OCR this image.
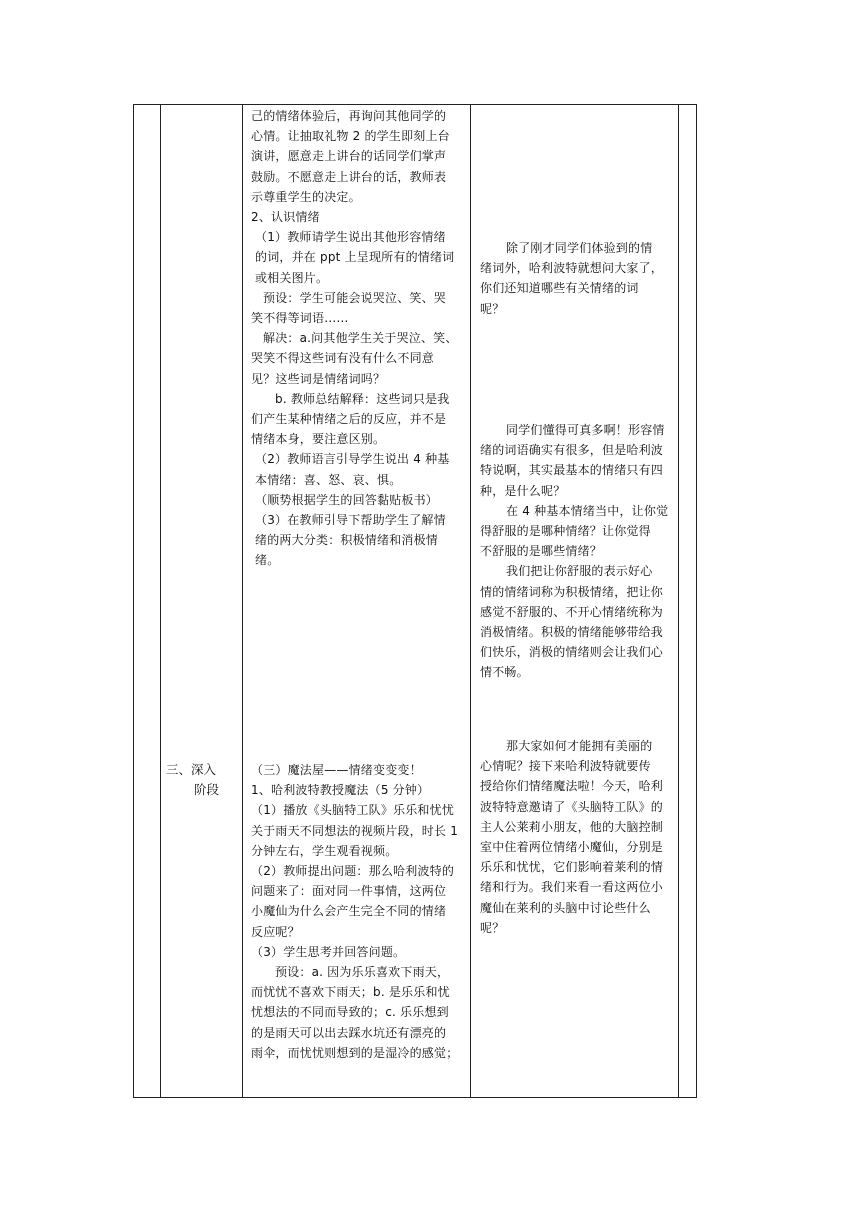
三、深入

阶段

己的情绪体验后，再询问其他同学的

心情。让抽取礼物 2 的学生即刻上台

演讲，愿意走上讲台的话同学们掌声

鼓励。不愿意走上讲台的话，教师表

示尊重学生的决定。

2、认识情绪

（1）教师请学生说出其他形容情绪

的词，并在 ppt 上呈现所有的情绪词

或相关图片。

预设：学生可能会说哭泣、笑、哭

笑不得等词语……

解决：a.问其他学生关于哭泣、笑、

哭笑不得这些词有没有什么不同意

见？这些词是情绪词吗？

b. 教师总结解释：这些词只是我

们产生某种情绪之后的反应，并不是

情绪本身，要注意区别。

（2）教师语言引导学生说出 4 种基

本情绪：喜、怒、哀、惧。

（顺势根据学生的回答黏贴板书）

（3）在教师引导下帮助学生了解情

绪的两大分类：积极情绪和消极情

绪。

（三）魔法屋——情绪变变变！

1、哈利波特教授魔法（5 分钟）

（1）播放《头脑特工队》乐乐和忧忧

关于雨天不同想法的视频片段，时长 1

分钟左右，学生观看视频。

（2）教师提出问题：那么哈利波特的

问题来了：面对同一件事情，这两位

小魔仙为什么会产生完全不同的情绪

反应呢？

（3）学生思考并回答问题。

预设：a. 因为乐乐喜欢下雨天，

而忧忧不喜欢下雨天；b. 是乐乐和忧

忧想法的不同而导致的；c. 乐乐想到

的是雨天可以出去踩水坑还有漂亮的

雨伞，而忧忧则想到的是湿冷的感觉；

除了刚才同学们体验到的情

绪词外，哈利波特就想问大家了，

你们还知道哪些有关情绪的词

呢？

同学们懂得可真多啊！形容情

绪的词语确实有很多，但是哈利波

特说啊，其实最基本的情绪只有四

种，是什么呢？

在 4 种基本情绪当中，让你觉

得舒服的是哪种情绪？让你觉得

不舒服的是哪些情绪？

我们把让你舒服的表示好心

情的情绪词称为积极情绪，把让你

感觉不舒服的、不开心情绪统称为

消极情绪。积极的情绪能够带给我

们快乐，消极的情绪则会让我们心

情不畅。

那大家如何才能拥有美丽的

心情呢？接下来哈利波特就要传

授给你们情绪魔法啦！今天，哈利

波特特意邀请了《头脑特工队》的

主人公莱莉小朋友，他的大脑控制

室中住着两位情绪小魔仙，分别是

乐乐和忧忧，它们影响着莱利的情

绪和行为。我们来看一看这两位小

魔仙在莱利的头脑中讨论些什么

呢？
